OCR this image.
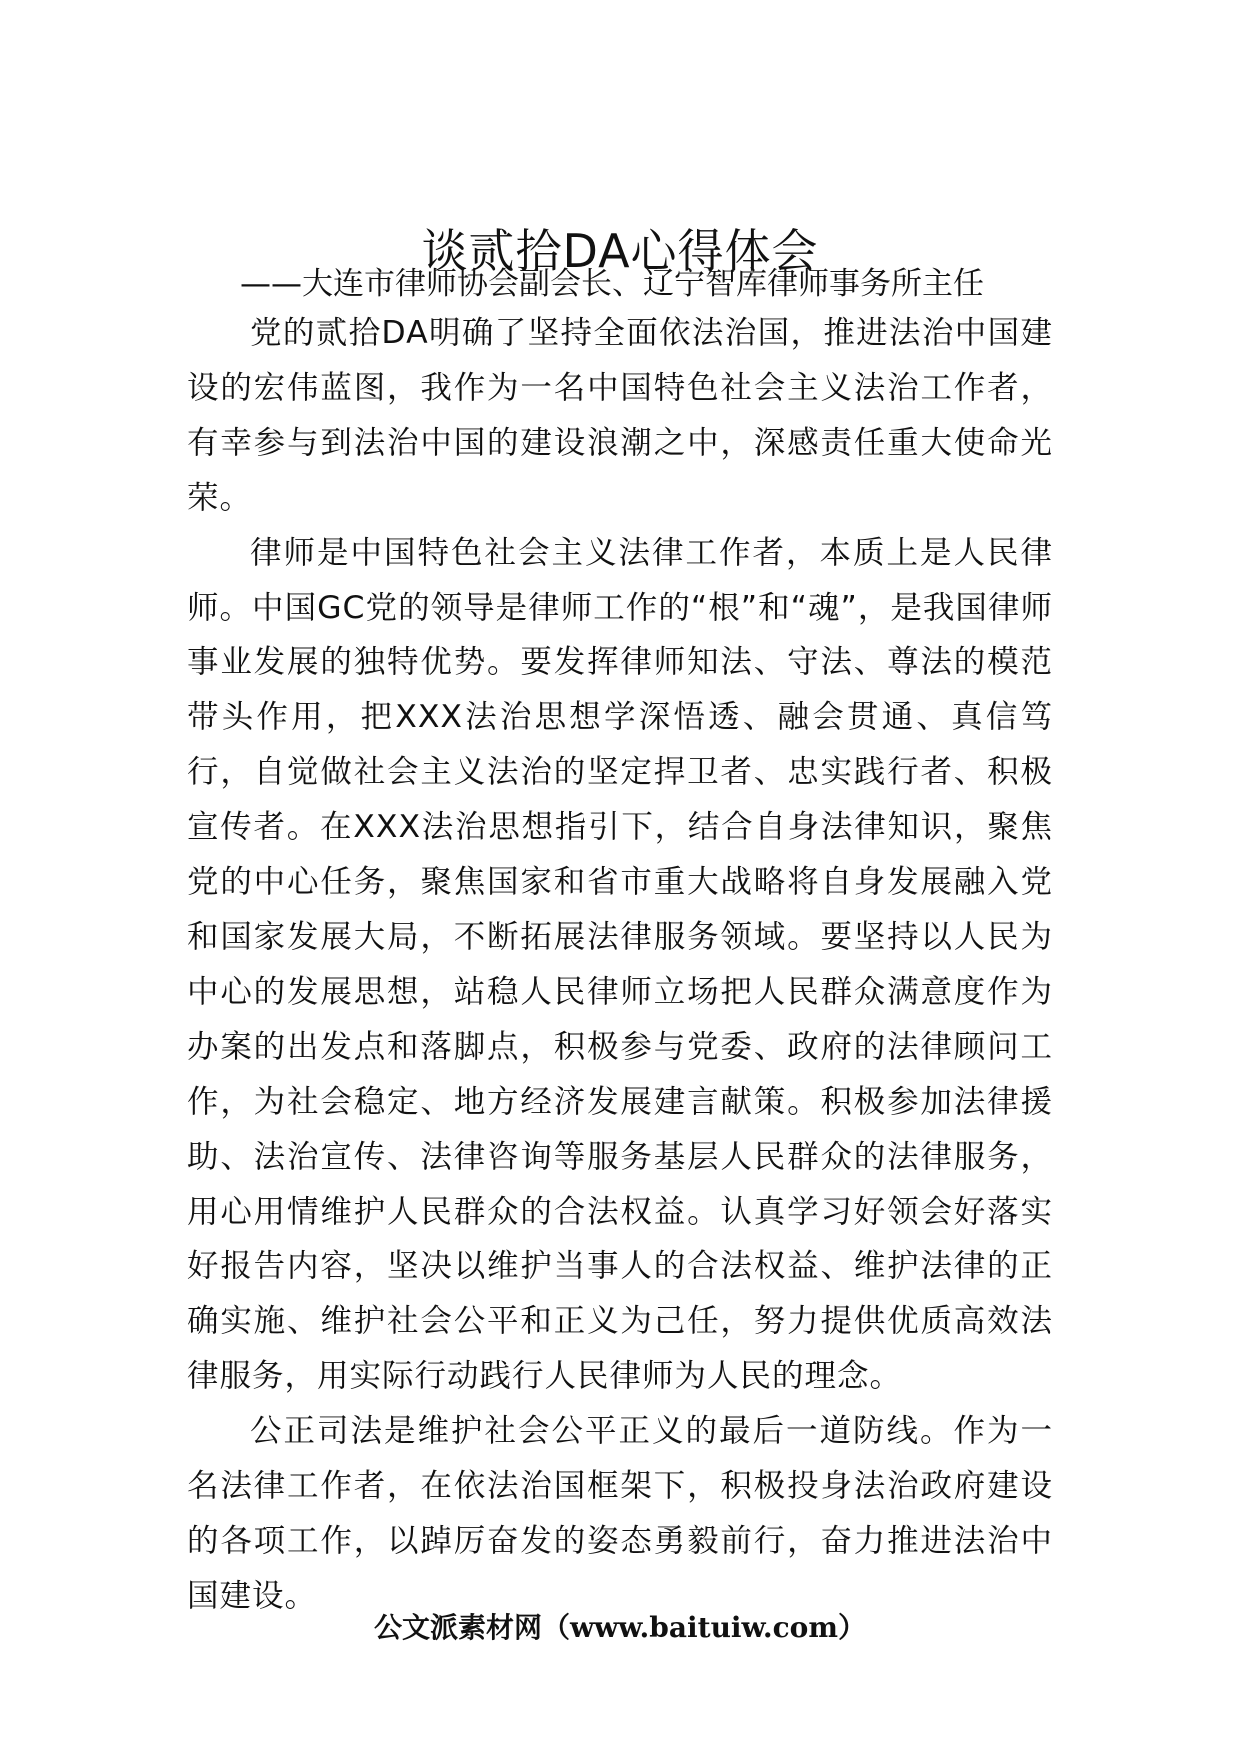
谈贰拾DA心得体会
——大连市律师协会副会长、辽宁智库律师事务所主任

党的贰拾DA明确了坚持全面依法治国，推进法治中国建设的宏伟蓝图，我作为一名中国特色社会主义法治工作者，有幸参与到法治中国的建设浪潮之中，深感责任重大使命光荣。

律师是中国特色社会主义法律工作者，本质上是人民律师。中国GC党的领导是律师工作的“根”和“魂”，是我国律师事业发展的独特优势。要发挥律师知法、守法、尊法的模范带头作用，把XXX法治思想学深悟透、融会贯通、真信笃行，自觉做社会主义法治的坚定捍卫者、忠实践行者、积极宣传者。在XXX法治思想指引下，结合自身法律知识，聚焦党的中心任务，聚焦国家和省市重大战略将自身发展融入党和国家发展大局，不断拓展法律服务领域。要坚持以人民为中心的发展思想，站稳人民律师立场把人民群众满意度作为办案的出发点和落脚点，积极参与党委、政府的法律顾问工作，为社会稳定、地方经济发展建言献策。积极参加法律援助、法治宣传、法律咨询等服务基层人民群众的法律服务，用心用情维护人民群众的合法权益。认真学习好领会好落实好报告内容，坚决以维护当事人的合法权益、维护法律的正确实施、维护社会公平和正义为己任，努力提供优质高效法律服务，用实际行动践行人民律师为人民的理念。

公正司法是维护社会公平正义的最后一道防线。作为一名法律工作者，在依法治国框架下，积极投身法治政府建设的各项工作，以踔厉奋发的姿态勇毅前行，奋力推进法治中国建设。

公文派素材网（www.baituiw.com）
